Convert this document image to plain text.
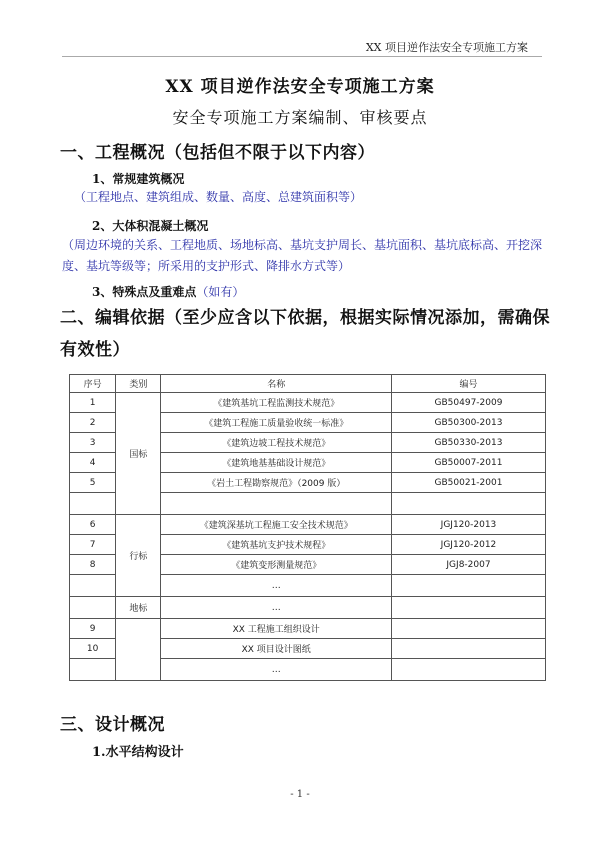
XX 项目逆作法安全专项施工方案
XX 项目逆作法安全专项施工方案
安全专项施工方案编制、审核要点
一、工程概况（包括但不限于以下内容）
1、常规建筑概况
（工程地点、建筑组成、数量、高度、总建筑面积等）
2、大体积混凝土概况
（周边环境的关系、工程地质、场地标高、基坑支护周长、基坑面积、基坑底标高、开挖深度、基坑等级等；所采用的支护形式、降排水方式等）
3、特殊点及重难点（如有）
二、编辑依据（至少应含以下依据，根据实际情况添加，需确保有效性）
序号	类别	名称	编号
1	国标	《建筑基坑工程监测技术规范》	GB50497-2009
2		《建筑工程施工质量验收统一标准》	GB50300-2013
3		《建筑边坡工程技术规范》	GB50330-2013
4		《建筑地基基础设计规范》	GB50007-2011
5		《岩土工程勘察规范》（2009 版）	GB50021-2001

6	行标	《建筑深基坑工程施工安全技术规范》	JGJ120-2013
7		《建筑基坑支护技术规程》	JGJ120-2012
8		《建筑变形测量规范》	JGJ8-2007
		…	
	地标	…	
9		XX 工程施工组织设计	
10		XX 项目设计图纸	
		…	
三、设计概况
1.水平结构设计
- 1 -
